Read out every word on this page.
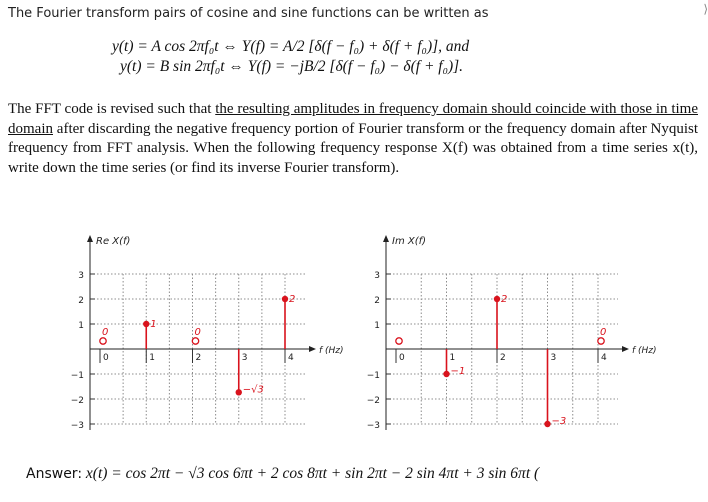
The Fourier transform pairs of cosine and sine functions can be written as
y(t) = A cos 2πf₀t ⇔ Y(f) = A/2 [δ(f − f₀) + δ(f + f₀)], and
y(t) = B sin 2πf₀t ⇔ Y(f) = −jB/2 [δ(f − f₀) − δ(f + f₀)].
The FFT code is revised such that the resulting amplitudes in frequency domain should coincide with those in time domain after discarding the negative frequency portion of Fourier transform or the frequency domain after Nyquist frequency from FFT analysis. When the following frequency response X(f) was obtained from a time series x(t), write down the time series (or find its inverse Fourier transform).
3
2
1
−1
−2
−3
0	1	2	3	4
Re X(f)
f (Hz)
0
1
0
−√3
2
3
2
1
−1
−2
−3
0	1	2	3	4
Im X(f)
f (Hz)
−1
2
−3
0
Answer: x(t) = cos 2πt − √3 cos 6πt + 2 cos 8πt + sin 2πt − 2 sin 4πt + 3 sin 6πt (
⟩
